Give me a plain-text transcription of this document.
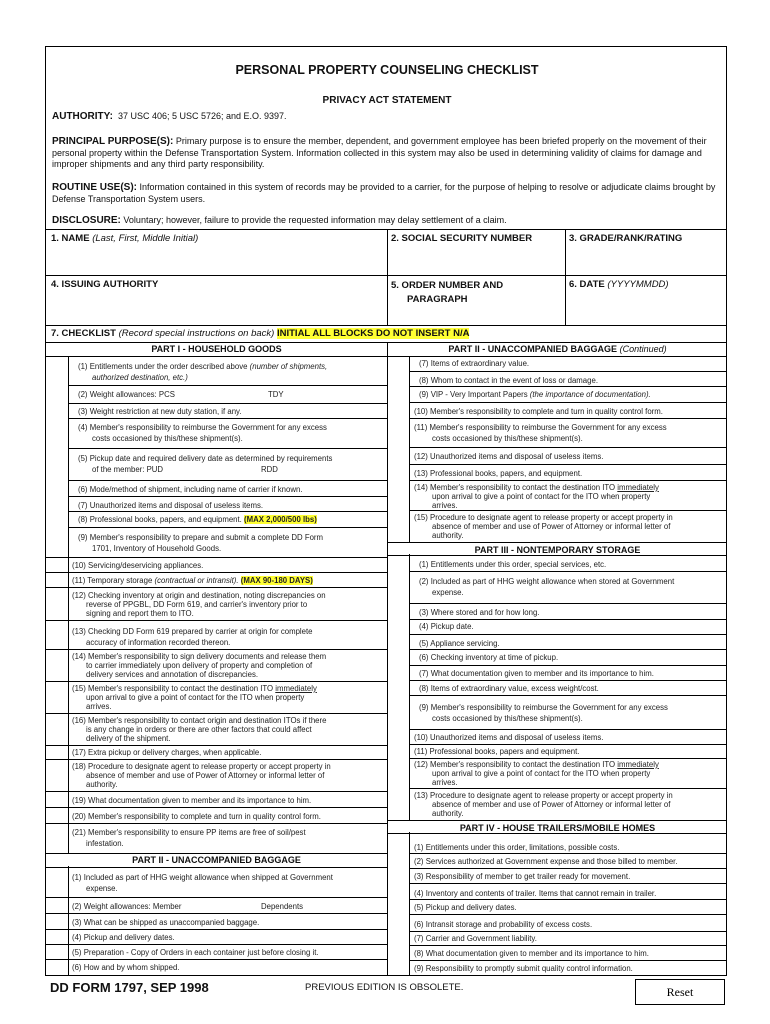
PERSONAL PROPERTY COUNSELING CHECKLIST
PRIVACY ACT STATEMENT
AUTHORITY: 37 USC 406; 5 USC 5726; and E.O. 9397.
PRINCIPAL PURPOSE(S): Primary purpose is to ensure the member, dependent, and government employee has been briefed properly on the movement of their personal property within the Defense Transportation System. Information collected in this system may also be used in determining validity of claims for damage and improper shipments and any third party responsibility.
ROUTINE USE(S): Information contained in this system of records may be provided to a carrier, for the purpose of helping to resolve or adjudicate claims brought by Defense Transportation System users.
DISCLOSURE: Voluntary; however, failure to provide the requested information may delay settlement of a claim.
1. NAME (Last, First, Middle Initial)	2. SOCIAL SECURITY NUMBER	3. GRADE/RANK/RATING
4. ISSUING AUTHORITY	5. ORDER NUMBER AND
PARAGRAPH
6. DATE (YYYYMMDD)
7. CHECKLIST (Record special instructions on back) INITIAL ALL BLOCKS DO NOT INSERT N/A
PART I - HOUSEHOLD GOODS
(1) Entitlements under the order described above (number of shipments,
authorized destination, etc.)
(2) Weight allowances: PCS	TDY
(3) Weight restriction at new duty station, if any.
(4) Member's responsibility to reimburse the Government for any excess
costs occasioned by this/these shipment(s).
(5) Pickup date and required delivery date as determined by requirements
of the member: PUD	RDD
(6) Mode/method of shipment, including name of carrier if known.
(7) Unauthorized items and disposal of useless items.
(8) Professional books, papers, and equipment. (MAX 2,000/500 lbs)
(9) Member's responsibility to prepare and submit a complete DD Form
1701, Inventory of Household Goods.
(10) Servicing/deservicing appliances.
(11) Temporary storage (contractual or intransit). (MAX 90-180 DAYS)
(12) Checking inventory at origin and destination, noting discrepancies on
reverse of PPGBL, DD Form 619, and carrier's inventory prior to
signing and report them to ITO.
(13) Checking DD Form 619 prepared by carrier at origin for complete
accuracy of information recorded thereon.
(14) Member's responsibility to sign delivery documents and release them
to carrier immediately upon delivery of property and completion of
delivery services and annotation of discrepancies.
(15) Member's responsibility to contact the destination ITO immediately
upon arrival to give a point of contact for the ITO when property
arrives.
(16) Member's responsibility to contact origin and destination ITOs if there
is any change in orders or there are other factors that could affect
delivery of the shipment.
(17) Extra pickup or delivery charges, when applicable.
(18) Procedure to designate agent to release property or accept property in
absence of member and use of Power of Attorney or informal letter of
authority.
(19) What documentation given to member and its importance to him.
(20) Member's responsibility to complete and turn in quality control form.
(21) Member's responsibility to ensure PP items are free of soil/pest
infestation.
PART II - UNACCOMPANIED BAGGAGE
(1) Included as part of HHG weight allowance when shipped at Government
expense.
(2) Weight allowances: Member	Dependents
(3) What can be shipped as unaccompanied baggage.
(4) Pickup and delivery dates.
(5) Preparation - Copy of Orders in each container just before closing it.
(6) How and by whom shipped.
PART II - UNACCOMPANIED BAGGAGE (Continued)
(7) Items of extraordinary value.
(8) Whom to contact in the event of loss or damage.
(9) VIP - Very Important Papers (the importance of documentation).
(10) Member's responsibility to complete and turn in quality control form.
(11) Member's responsibility to reimburse the Government for any excess
costs occasioned by this/these shipment(s).
(12) Unauthorized items and disposal of useless items.
(13) Professional books, papers, and equipment.
(14) Member's responsibility to contact the destination ITO immediately
upon arrival to give a point of contact for the ITO when property
arrives.
(15) Procedure to designate agent to release property or accept property in
absence of member and use of Power of Attorney or informal letter of
authority.
PART III - NONTEMPORARY STORAGE
(1) Entitlements under this order, special services, etc.
(2) Included as part of HHG weight allowance when stored at Government
expense.
(3) Where stored and for how long.
(4) Pickup date.
(5) Appliance servicing.
(6) Checking inventory at time of pickup.
(7) What documentation given to member and its importance to him.
(8) Items of extraordinary value, excess weight/cost.
(9) Member's responsibility to reimburse the Government for any excess
costs occasioned by this/these shipment(s).
(10) Unauthorized items and disposal of useless items.
(11) Professional books, papers and equipment.
(12) Member's responsibility to contact the destination ITO immediately
upon arrival to give a point of contact for the ITO when property
arrives.
(13) Procedure to designate agent to release property or accept property in
absence of member and use of Power of Attorney or informal letter of
authority.
PART IV - HOUSE TRAILERS/MOBILE HOMES
(1) Entitlements under this order, limitations, possible costs.
(2) Services authorized at Government expense and those billed to member.
(3) Responsibility of member to get trailer ready for movement.
(4) Inventory and contents of trailer. Items that cannot remain in trailer.
(5) Pickup and delivery dates.
(6) Intransit storage and probability of excess costs.
(7) Carrier and Government liability.
(8) What documentation given to member and its importance to him.
(9) Responsibility to promptly submit quality control information.
DD FORM 1797, SEP 1998	PREVIOUS EDITION IS OBSOLETE.	Reset
